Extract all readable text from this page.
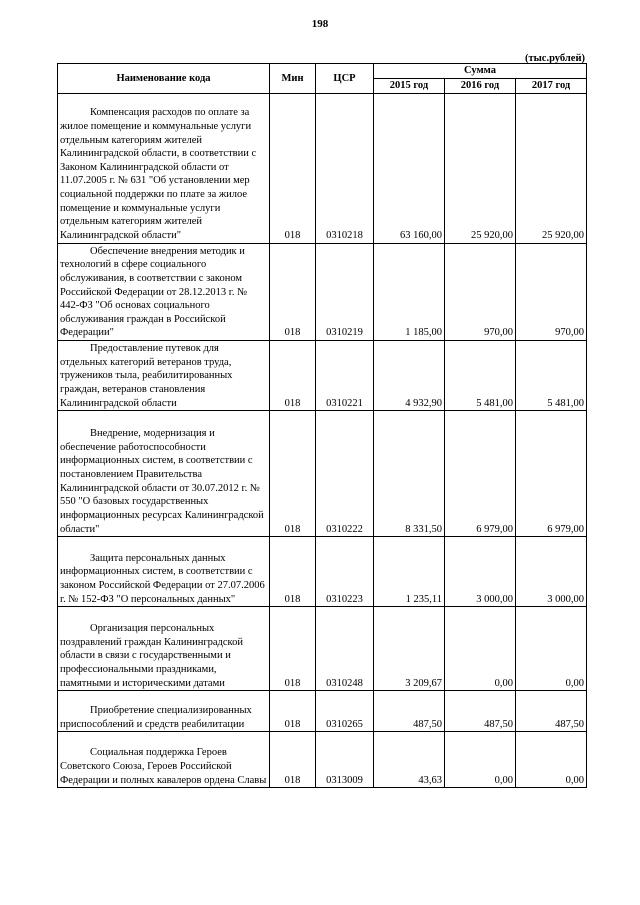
198
(тыс.рублей)
Наименование кода	Мин	ЦСР	Сумма		
			2015 год	2016 год	2017 год

Компенсация расходов по оплате за жилое помещение и коммунальные услуги отдельным категориям жителей Калининградской области, в соответствии с Законом Калининградской области от 11.07.2005 г. № 631 "Об установлении мер социальной поддержки по плате за жилое помещение и коммунальные услуги отдельным категориям жителей Калининградской области"	018	0310218	63 160,00	25 920,00	25 920,00

Обеспечение внедрения методик и технологий в сфере социального обслуживания, в соответствии с законом Российской Федерации от 28.12.2013 г. № 442-ФЗ "Об основах социального обслуживания граждан в Российской Федерации"	018	0310219	1 185,00	970,00	970,00

Предоставление путевок для отдельных категорий ветеранов труда, тружеников тыла, реабилитированных граждан, ветеранов становления Калининградской области	018	0310221	4 932,90	5 481,00	5 481,00

Внедрение, модернизация и обеспечение работоспособности информационных систем, в соответствии с постановлением Правительства Калининградской области от 30.07.2012 г. № 550 "О базовых государственных информационных ресурсах Калининградской области"	018	0310222	8 331,50	6 979,00	6 979,00

Защита персональных данных информационных систем, в соответствии с законом Российской Федерации от 27.07.2006 г. № 152-ФЗ "О персональных данных"	018	0310223	1 235,11	3 000,00	3 000,00

Организация персональных поздравлений граждан Калининградской области в связи с государственными и профессиональными праздниками, памятными и историческими датами	018	0310248	3 209,67	0,00	0,00

Приобретение специализированных приспособлений и средств реабилитации	018	0310265	487,50	487,50	487,50

Социальная поддержка Героев Советского Союза, Героев Российской Федерации и полных кавалеров ордена Славы	018	0313009	43,63	0,00	0,00
